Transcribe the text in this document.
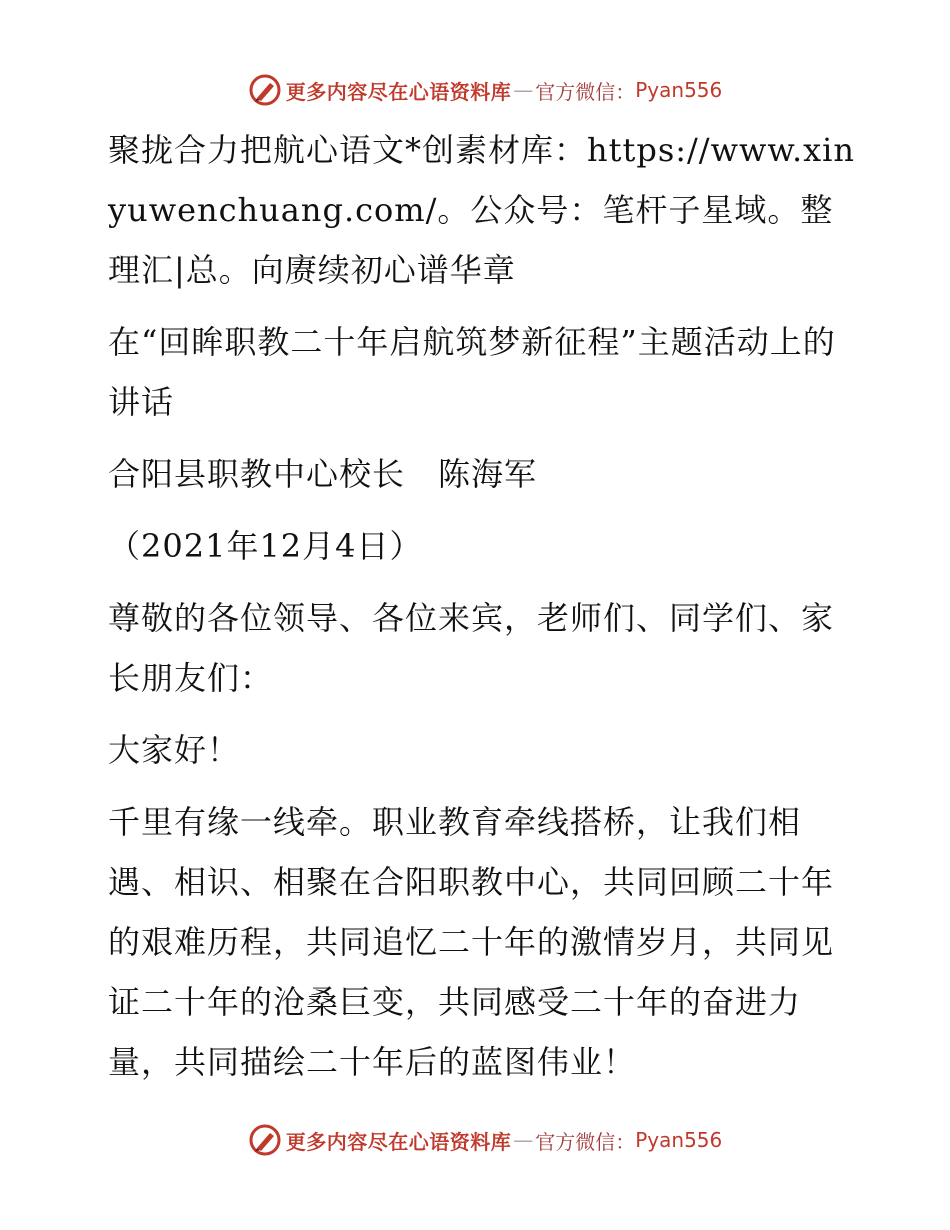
更多内容尽在心语资料库 — 官方微信： Pyan556

聚拢合力把航心语文*创素材库：https://www.xinyuwenchuang.com/。公众号：笔杆子星域。整理汇|总。向赓续初心谱华章

在“回眸职教二十年启航筑梦新征程”主题活动上的讲话

合阳县职教中心校长　陈海军

（2021年12月4日）

尊敬的各位领导、各位来宾，老师们、同学们、家长朋友们：

大家好！

千里有缘一线牵。职业教育牵线搭桥，让我们相遇、相识、相聚在合阳职教中心，共同回顾二十年的艰难历程，共同追忆二十年的激情岁月，共同见证二十年的沧桑巨变，共同感受二十年的奋进力量，共同描绘二十年后的蓝图伟业！

更多内容尽在心语资料库 — 官方微信： Pyan556
